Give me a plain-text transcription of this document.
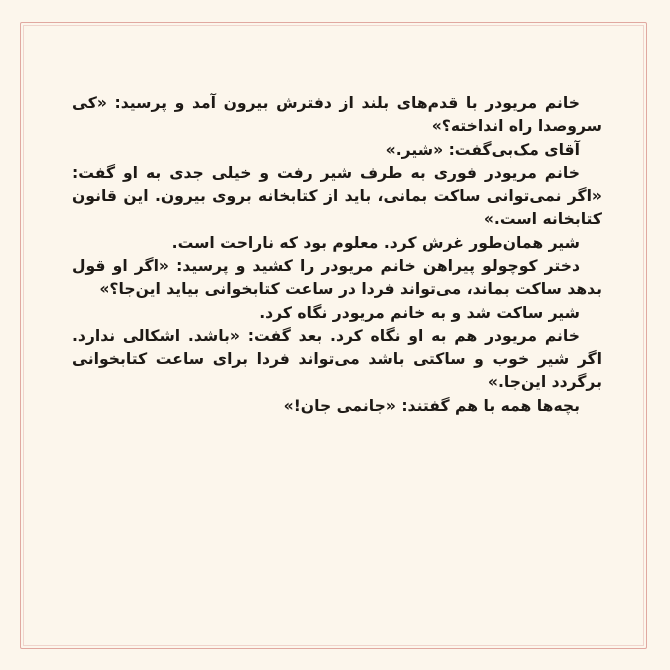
خانم مریودر با قدم‌های بلند از دفترش بیرون آمد و پرسید: «کی سروصدا راه انداخته؟»

آقای مک‌بی‌گفت: «شیر.»

خانم مریودر فوری به طرف شیر رفت و خیلی جدی به او گفت: «اگر نمی‌توانی ساکت بمانی، باید از کتابخانه بروی بیرون. این قانون کتابخانه است.»

شیر همان‌طور غرش کرد. معلوم بود که ناراحت است.

دختر کوچولو پیراهن خانم مریودر را کشید و پرسید: «اگر او قول بدهد ساکت بماند، می‌تواند فردا در ساعت کتابخوانی بیاید این‌جا؟»

شیر ساکت شد و به خانم مریودر نگاه کرد.

خانم مریودر هم به او نگاه کرد. بعد گفت: «باشد. اشکالی ندارد. اگر شیر خوب و ساکتی باشد می‌تواند فردا برای ساعت کتابخوانی برگردد این‌جا.»

بچه‌ها همه با هم گفتند: «جانمی جان!»
